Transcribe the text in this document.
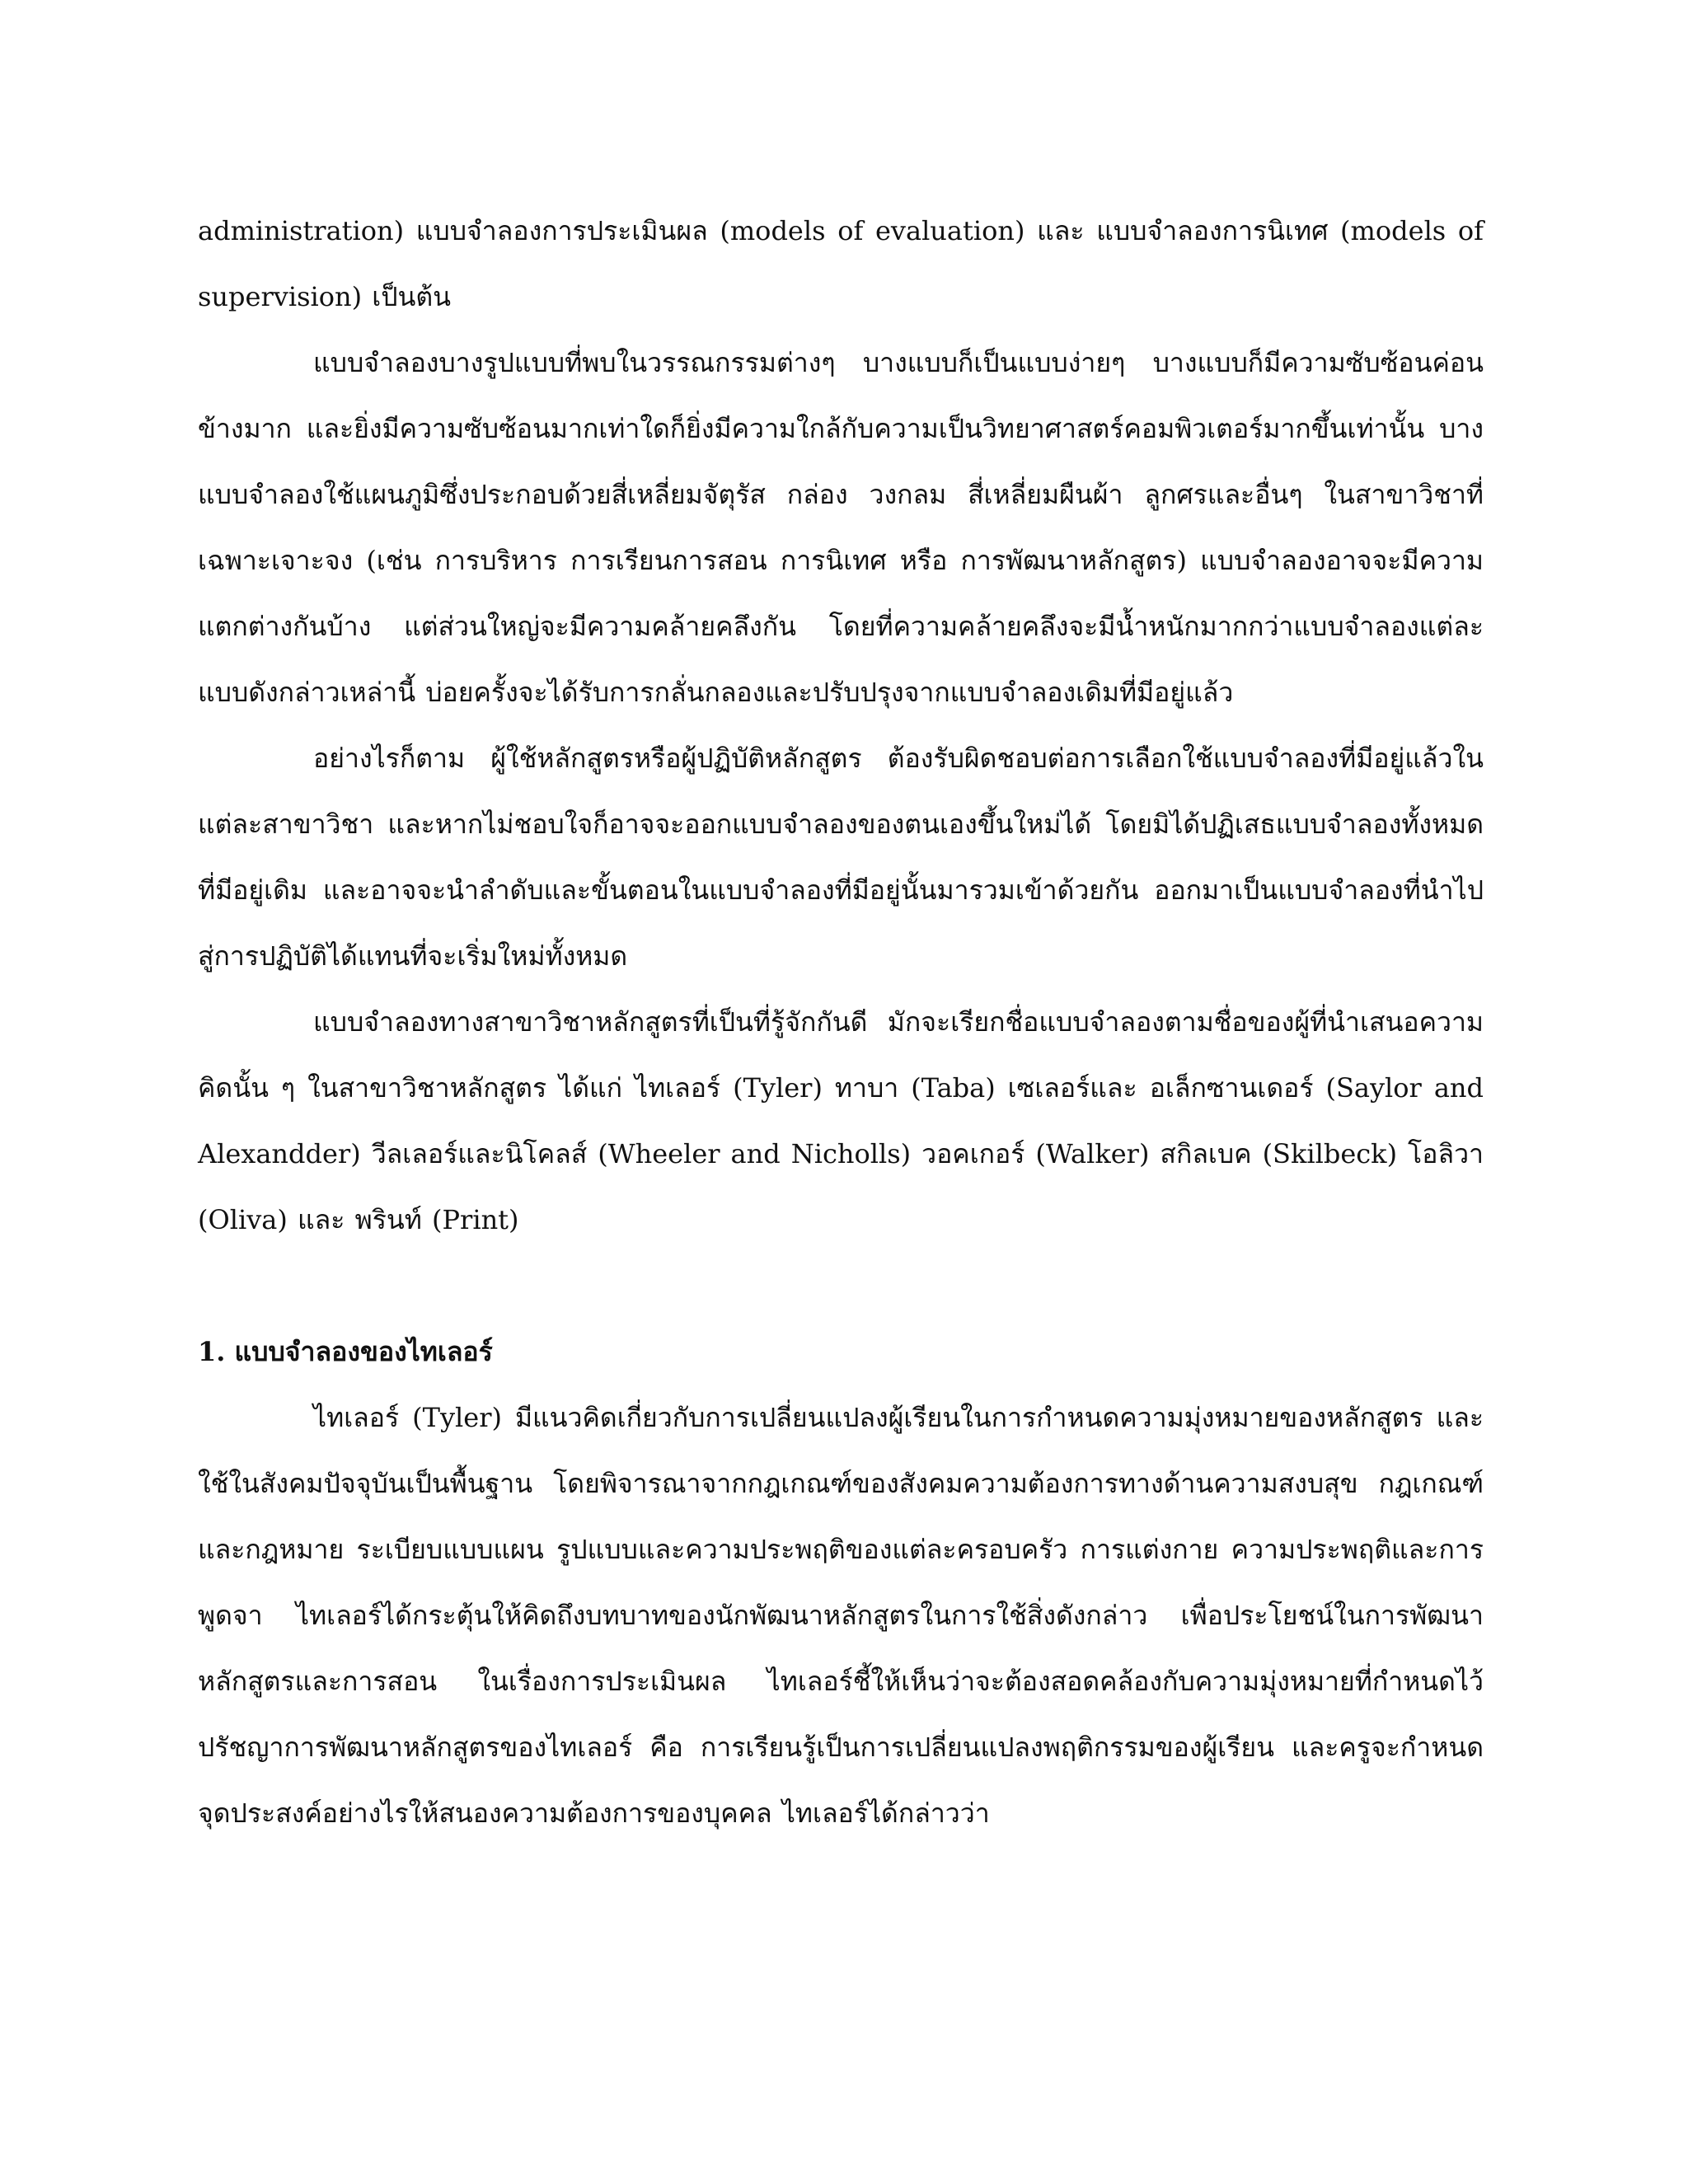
administration) แบบจำลองการประเมินผล (models of evaluation) และ แบบจำลองการนิเทศ (models of supervision) เป็นต้น

แบบจำลองบางรูปแบบที่พบในวรรณกรรมต่างๆ บางแบบก็เป็นแบบง่ายๆ บางแบบก็มีความซับซ้อนค่อนข้างมาก และยิ่งมีความซับซ้อนมากเท่าใดก็ยิ่งมีความใกล้กับความเป็นวิทยาศาสตร์คอมพิวเตอร์มากขึ้นเท่านั้น บางแบบจำลองใช้แผนภูมิซึ่งประกอบด้วยสี่เหลี่ยมจัตุรัส กล่อง วงกลม สี่เหลี่ยมผืนผ้า ลูกศรและอื่นๆ ในสาขาวิชาที่เฉพาะเจาะจง (เช่น การบริหาร การเรียนการสอน การนิเทศ หรือ การพัฒนาหลักสูตร) แบบจำลองอาจจะมีความแตกต่างกันบ้าง แต่ส่วนใหญ่จะมีความคล้ายคลึงกัน โดยที่ความคล้ายคลึงจะมีน้ำหนักมากกว่าแบบจำลองแต่ละแบบดังกล่าวเหล่านี้ บ่อยครั้งจะได้รับการกลั่นกลองและปรับปรุงจากแบบจำลองเดิมที่มีอยู่แล้ว

อย่างไรก็ตาม ผู้ใช้หลักสูตรหรือผู้ปฏิบัติหลักสูตร ต้องรับผิดชอบต่อการเลือกใช้แบบจำลองที่มีอยู่แล้วในแต่ละสาขาวิชา และหากไม่ชอบใจก็อาจจะออกแบบจำลองของตนเองขึ้นใหม่ได้ โดยมิได้ปฏิเสธแบบจำลองทั้งหมดที่มีอยู่เดิม และอาจจะนำลำดับและขั้นตอนในแบบจำลองที่มีอยู่นั้นมารวมเข้าด้วยกัน ออกมาเป็นแบบจำลองที่นำไปสู่การปฏิบัติได้แทนที่จะเริ่มใหม่ทั้งหมด

แบบจำลองทางสาขาวิชาหลักสูตรที่เป็นที่รู้จักกันดี มักจะเรียกชื่อแบบจำลองตามชื่อของผู้ที่นำเสนอความคิดนั้น ๆ ในสาขาวิชาหลักสูตร ได้แก่ ไทเลอร์ (Tyler) ทาบา (Taba) เซเลอร์และ อเล็กซานเดอร์ (Saylor and Alexandder) วีลเลอร์และนิโคลส์ (Wheeler and Nicholls) วอคเกอร์ (Walker) สกิลเบค (Skilbeck) โอลิวา (Oliva) และ พรินท์ (Print)

1. แบบจำลองของไทเลอร์

ไทเลอร์ (Tyler) มีแนวคิดเกี่ยวกับการเปลี่ยนแปลงผู้เรียนในการกำหนดความมุ่งหมายของหลักสูตร และใช้ในสังคมปัจจุบันเป็นพื้นฐาน โดยพิจารณาจากกฎเกณฑ์ของสังคมความต้องการทางด้านความสงบสุข กฎเกณฑ์และกฎหมาย ระเบียบแบบแผน รูปแบบและความประพฤติของแต่ละครอบครัว การแต่งกาย ความประพฤติและการพูดจา ไทเลอร์ได้กระตุ้นให้คิดถึงบทบาทของนักพัฒนาหลักสูตรในการใช้สิ่งดังกล่าว เพื่อประโยชน์ในการพัฒนาหลักสูตรและการสอน ในเรื่องการประเมินผล ไทเลอร์ชี้ให้เห็นว่าจะต้องสอดคล้องกับความมุ่งหมายที่กำหนดไว้ ปรัชญาการพัฒนาหลักสูตรของไทเลอร์ คือ การเรียนรู้เป็นการเปลี่ยนแปลงพฤติกรรมของผู้เรียน และครูจะกำหนดจุดประสงค์อย่างไรให้สนองความต้องการของบุคคล ไทเลอร์ได้กล่าวว่า
